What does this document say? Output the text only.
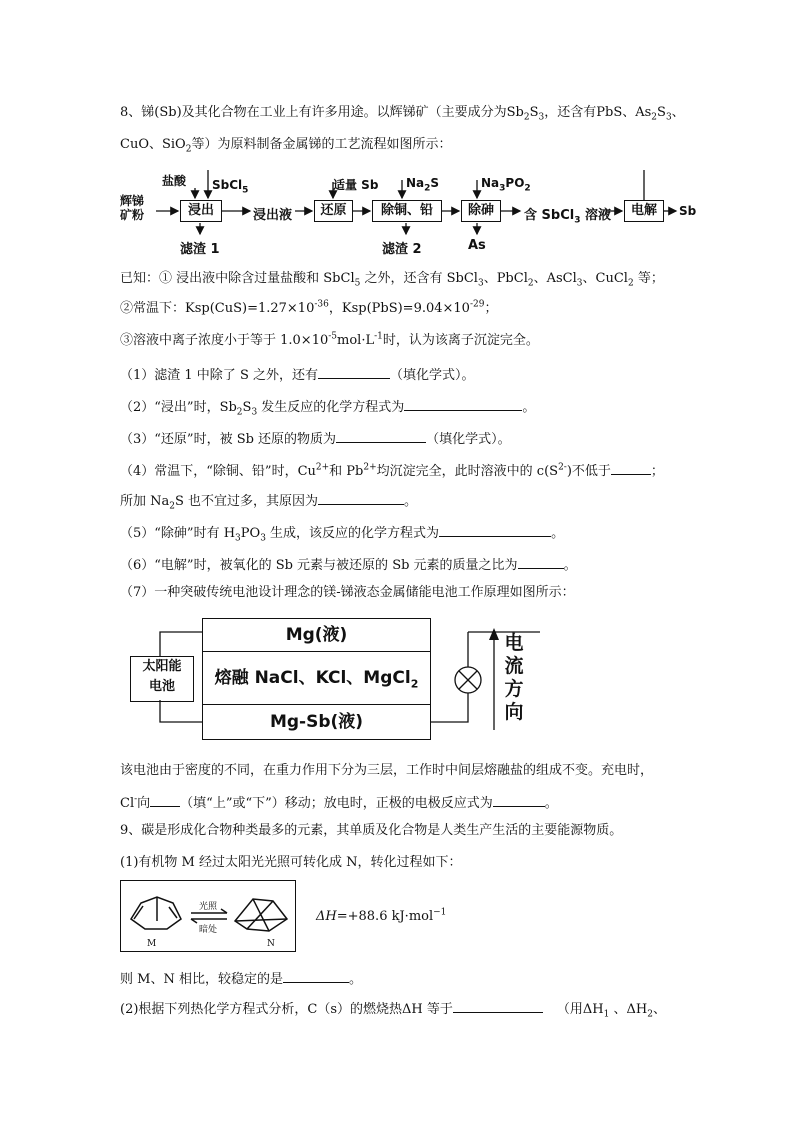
8、锑(Sb)及其化合物在工业上有许多用途。以辉锑矿（主要成分为$Sb_2S_3$，还含有PbS、$As_2S_3$、
CuO、SiO$_2$等）为原料制备金属锑的工艺流程如图所示：
辉锑
矿粉
盐酸 SbCl$_5$
浸出	浸出液	还原
适量 Sb
除铜、铅
$Na_2S$
除砷
$Na_3PO_2$
含 SbCl$_3$ 溶液	电解	Sb
滤渣 1	滤渣 2	As
已知：① 浸出液中除含过量盐酸和 SbCl$_5$ 之外，还含有 SbCl$_3$、PbCl$_2$、AsCl$_3$、CuCl$_2$ 等；
②常温下：$Ksp(CuS)=1.27\times 10^{-36}$，$Ksp(PbS)=9.04\times 10^{-29}$；
③溶液中离子浓度小于等于 $1.0\times 10^{-5}mol\cdot L^{-1}$时，认为该离子沉淀完全。
（1）滤渣 1 中除了 S 之外，还有	（填化学式）。
（2）“浸出”时，$Sb_2S_3$ 发生反应的化学方程式为	。
（3）“还原”时，被 Sb 还原的物质为	（填化学式）。
（4）常温下，“除铜、铅”时，$Cu^{2+}$和 $Pb^{2+}$均沉淀完全，此时溶液中的 $c(S^{2-})$不低于	；
所加 $Na_2S$ 也不宜过多，其原因为	。
（5）“除砷”时有 $H_3PO_3$ 生成，该反应的化学方程式为	。
（6）“电解”时，被氧化的 Sb 元素与被还原的 Sb 元素的质量之比为	。
（7）一种突破传统电池设计理念的镁-锑液态金属储能电池工作原理如图所示：
Mg(液)
熔融 NaCl、KCl、MgCl$_2$
Mg-Sb(液)
太阳能
电池
电
流
方
向
该电池由于密度的不同，在重力作用下分为三层，工作时中间层熔融盐的组成不变。充电时，
Cl-向 （填“上”或“下”）移动；放电时，正极的电极反应式为	。
9、碳是形成化合物种类最多的元素，其单质及化合物是人类生产生活的主要能源物质。
(1)有机物 M 经过太阳光光照可转化成 N，转化过程如下：
光照
暗处
M	N
ΔH=+88.6 kJ·mol$^{-1}$
则 M、N 相比，较稳定的是	。
(2)根据下列热化学方程式分析，C（s）的燃烧热ΔH 等于	（用$\Delta H_1$ 、$\Delta H_2$、
